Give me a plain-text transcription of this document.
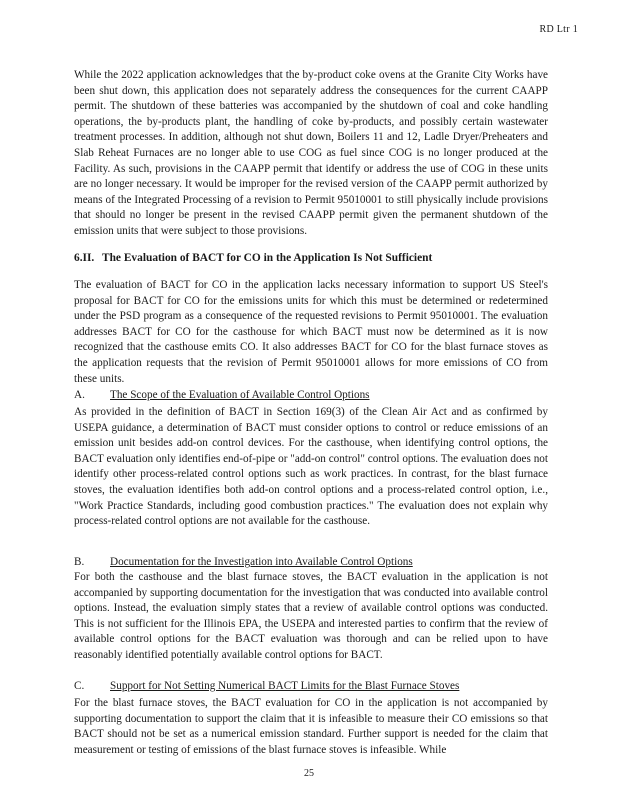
RD Ltr 1
While the 2022 application acknowledges that the by-product coke ovens at the Granite City Works have been shut down, this application does not separately address the consequences for the current CAAPP permit. The shutdown of these batteries was accompanied by the shutdown of coal and coke handling operations, the by-products plant, the handling of coke by-products, and possibly certain wastewater treatment processes. In addition, although not shut down, Boilers 11 and 12, Ladle Dryer/Preheaters and Slab Reheat Furnaces are no longer able to use COG as fuel since COG is no longer produced at the Facility. As such, provisions in the CAAPP permit that identify or address the use of COG in these units are no longer necessary. It would be improper for the revised version of the CAAPP permit authorized by means of the Integrated Processing of a revision to Permit 95010001 to still physically include provisions that should no longer be present in the revised CAAPP permit given the permanent shutdown of the emission units that were subject to those provisions.
6.II. The Evaluation of BACT for CO in the Application Is Not Sufficient
The evaluation of BACT for CO in the application lacks necessary information to support US Steel's proposal for BACT for CO for the emissions units for which this must be determined or redetermined under the PSD program as a consequence of the requested revisions to Permit 95010001. The evaluation addresses BACT for CO for the casthouse for which BACT must now be determined as it is now recognized that the casthouse emits CO. It also addresses BACT for CO for the blast furnace stoves as the application requests that the revision of Permit 95010001 allows for more emissions of CO from these units.
A. The Scope of the Evaluation of Available Control Options
As provided in the definition of BACT in Section 169(3) of the Clean Air Act and as confirmed by USEPA guidance, a determination of BACT must consider options to control or reduce emissions of an emission unit besides add-on control devices. For the casthouse, when identifying control options, the BACT evaluation only identifies end-of-pipe or "add-on control" control options. The evaluation does not identify other process-related control options such as work practices. In contrast, for the blast furnace stoves, the evaluation identifies both add-on control options and a process-related control option, i.e., "Work Practice Standards, including good combustion practices." The evaluation does not explain why process-related control options are not available for the casthouse.
B. Documentation for the Investigation into Available Control Options
For both the casthouse and the blast furnace stoves, the BACT evaluation in the application is not accompanied by supporting documentation for the investigation that was conducted into available control options. Instead, the evaluation simply states that a review of available control options was conducted. This is not sufficient for the Illinois EPA, the USEPA and interested parties to confirm that the review of available control options for the BACT evaluation was thorough and can be relied upon to have reasonably identified potentially available control options for BACT.
C. Support for Not Setting Numerical BACT Limits for the Blast Furnace Stoves
For the blast furnace stoves, the BACT evaluation for CO in the application is not accompanied by supporting documentation to support the claim that it is infeasible to measure their CO emissions so that BACT should not be set as a numerical emission standard. Further support is needed for the claim that measurement or testing of emissions of the blast furnace stoves is infeasible. While
25
